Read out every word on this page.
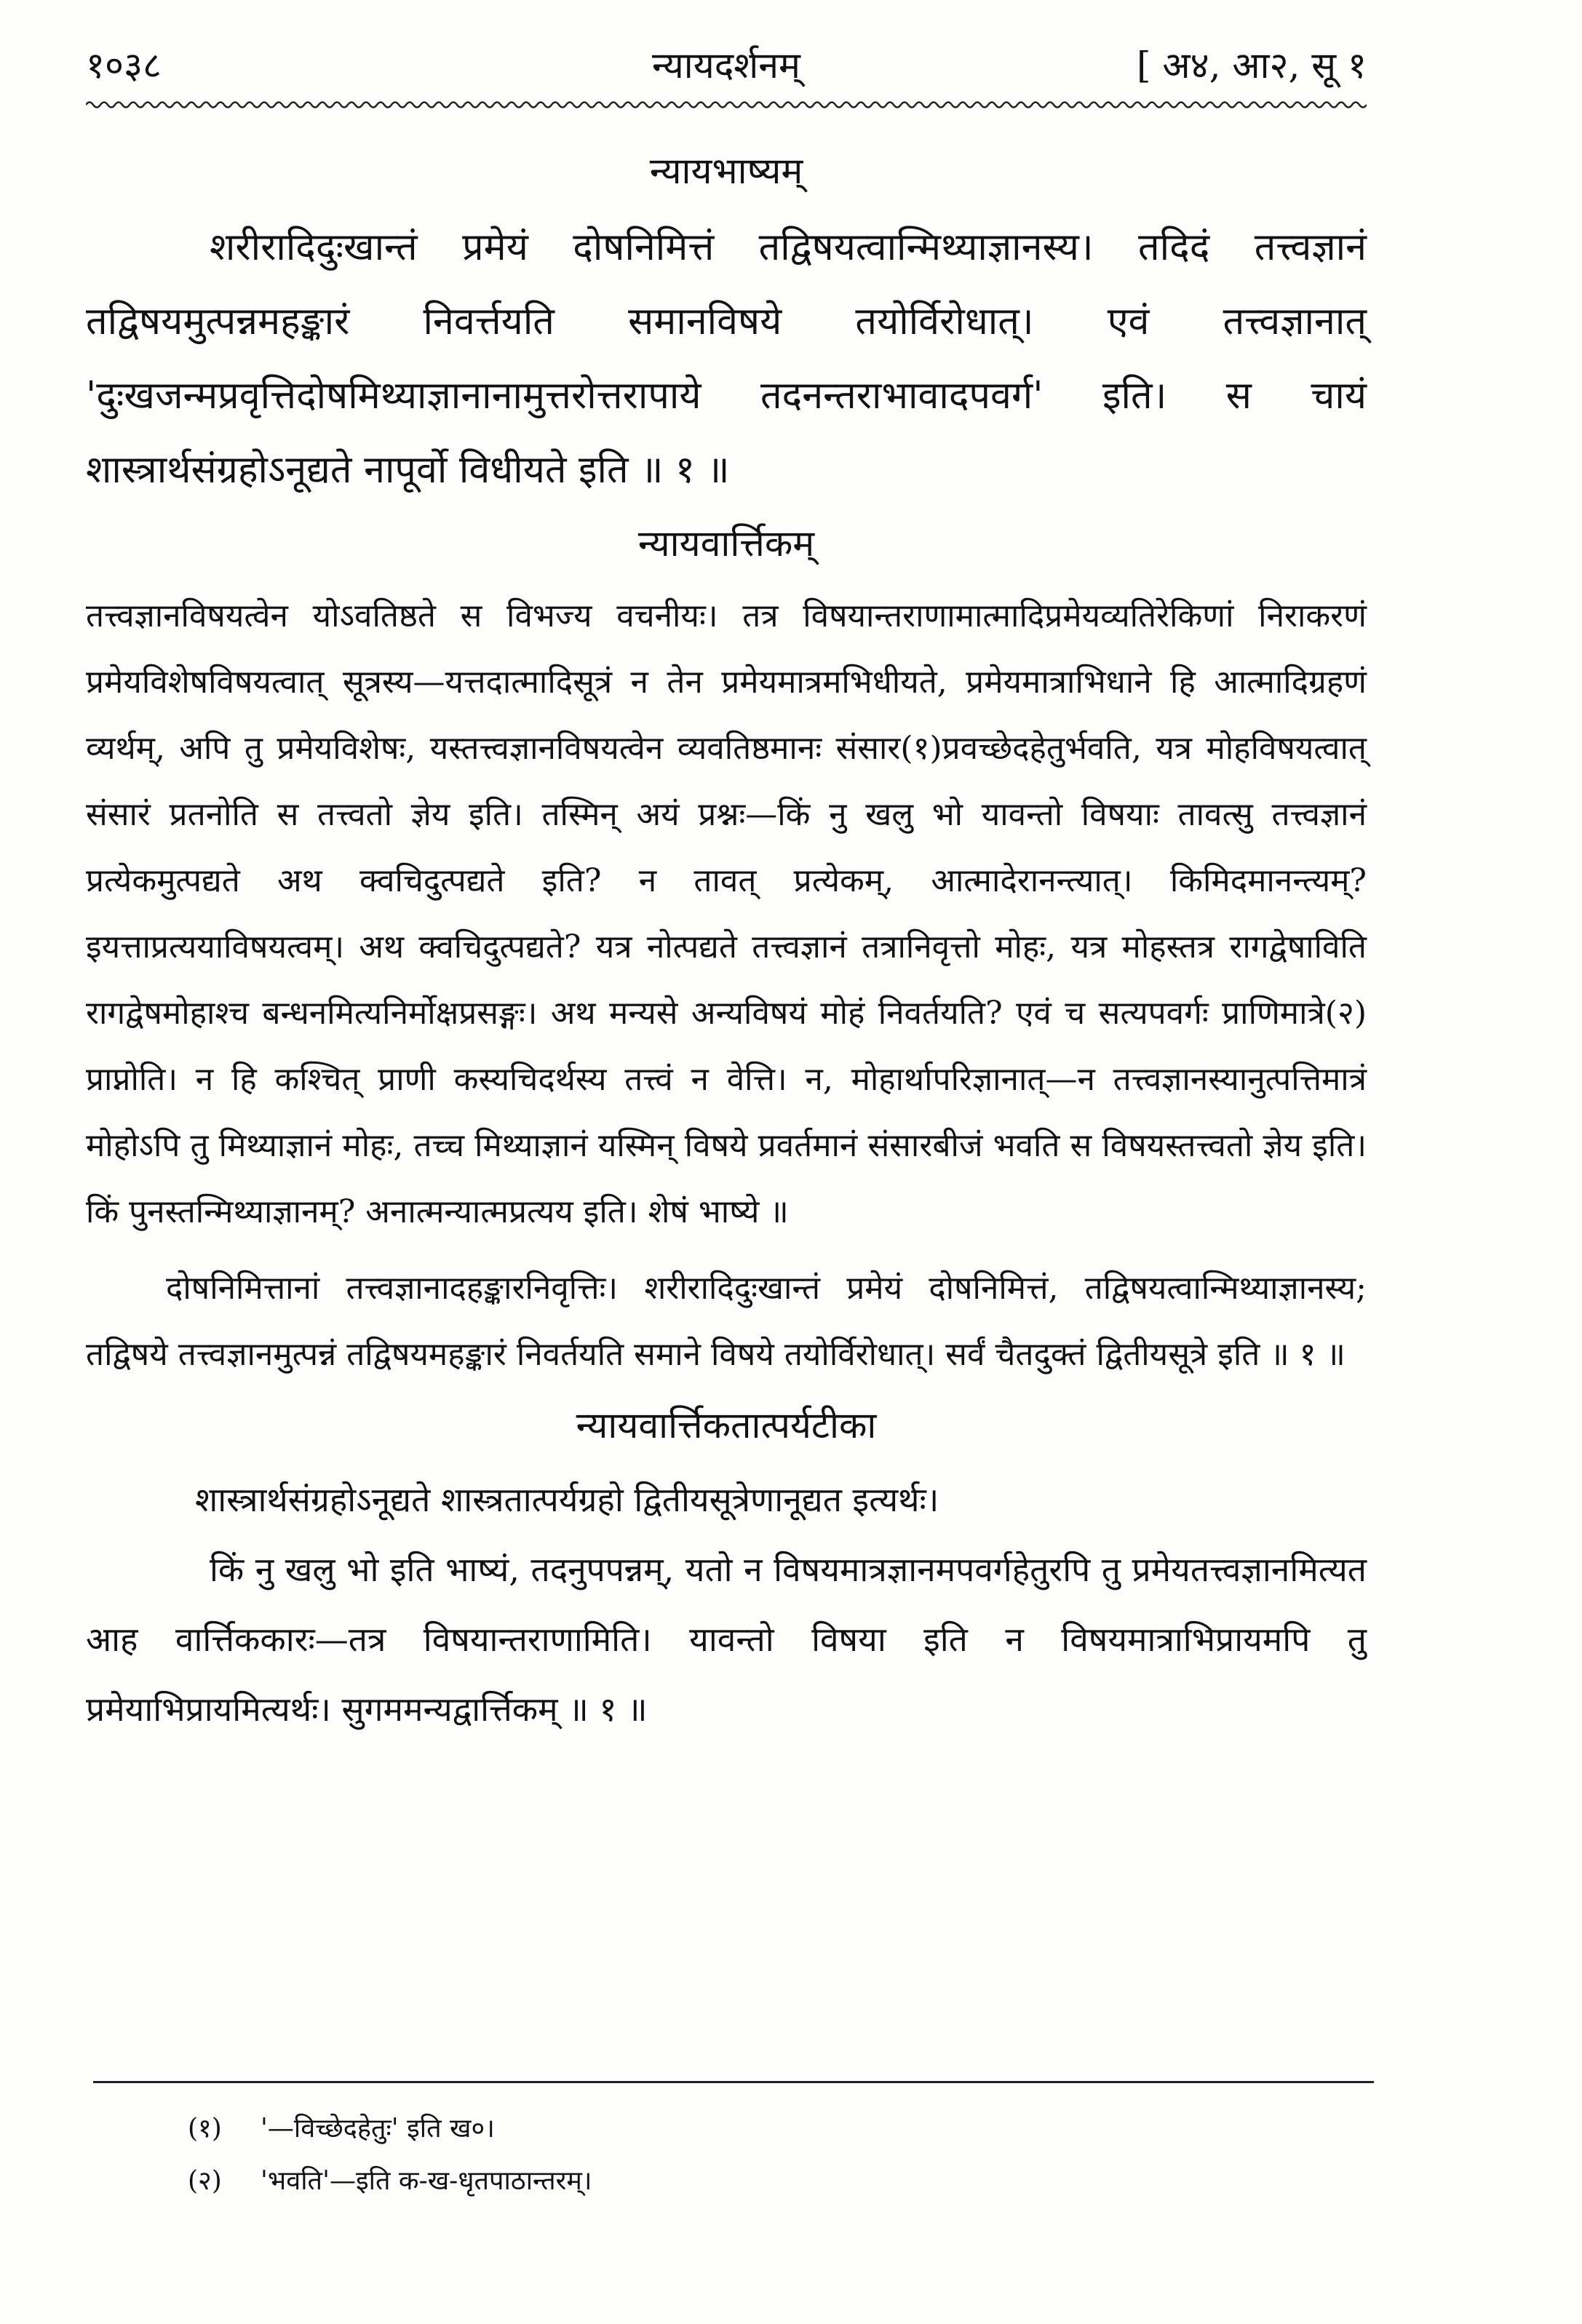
१०३८	न्यायदर्शनम्	[ अ४, आ२, सू १
न्यायभाष्यम्

शरीरादिदुःखान्तं प्रमेयं दोषनिमित्तं तद्विषयत्वान्मिथ्याज्ञानस्य। तदिदं तत्त्वज्ञानं तद्विषयमुत्पन्नमहङ्कारं निवर्त्तयति समानविषये तयोर्विरोधात्। एवं तत्त्वज्ञानात् 'दुःखजन्मप्रवृत्तिदोषमिथ्याज्ञानानामुत्तरोत्तरापाये तदनन्तराभावादपवर्ग' इति। स चायं शास्त्रार्थसंग्रहोऽनूद्यते नापूर्वो विधीयते इति ॥ १ ॥

न्यायवार्त्तिकम्

तत्त्वज्ञानविषयत्वेन योऽवतिष्ठते स विभज्य वचनीयः। तत्र विषयान्तराणामात्मादिप्रमेयव्यतिरेकिणां निराकरणं प्रमेयविशेषविषयत्वात् सूत्रस्य—यत्तदात्मादिसूत्रं न तेन प्रमेयमात्रमभिधीयते, प्रमेयमात्राभिधाने हि आत्मादिग्रहणं व्यर्थम्, अपि तु प्रमेयविशेषः, यस्तत्त्वज्ञानविषयत्वेन व्यवतिष्ठमानः संसार(१)प्रवच्छेदहेतुर्भवति, यत्र मोहविषयत्वात् संसारं प्रतनोति स तत्त्वतो ज्ञेय इति। तस्मिन् अयं प्रश्नः—किं नु खलु भो यावन्तो विषयाः तावत्सु तत्त्वज्ञानं प्रत्येकमुत्पद्यते अथ क्वचिदुत्पद्यते इति? न तावत् प्रत्येकम्, आत्मादेरानन्त्यात्। किमिदमानन्त्यम्? इयत्ताप्रत्ययाविषयत्वम्। अथ क्वचिदुत्पद्यते? यत्र नोत्पद्यते तत्त्वज्ञानं तत्रानिवृत्तो मोहः, यत्र मोहस्तत्र रागद्वेषाविति रागद्वेषमोहाश्च बन्धनमित्यनिर्मोक्षप्रसङ्गः। अथ मन्यसे अन्यविषयं मोहं निवर्तयति? एवं च सत्यपवर्गः प्राणिमात्रे(२) प्राप्नोति। न हि कश्चित् प्राणी कस्यचिदर्थस्य तत्त्वं न वेत्ति। न, मोहार्थापरिज्ञानात्—न तत्त्वज्ञानस्यानुत्पत्तिमात्रं मोहोऽपि तु मिथ्याज्ञानं मोहः, तच्च मिथ्याज्ञानं यस्मिन् विषये प्रवर्तमानं संसारबीजं भवति स विषयस्तत्त्वतो ज्ञेय इति। किं पुनस्तन्मिथ्याज्ञानम्? अनात्मन्यात्मप्रत्यय इति। शेषं भाष्ये ॥

दोषनिमित्तानां तत्त्वज्ञानादहङ्कारनिवृत्तिः। शरीरादिदुःखान्तं प्रमेयं दोषनिमित्तं, तद्विषयत्वान्मिथ्याज्ञानस्य; तद्विषये तत्त्वज्ञानमुत्पन्नं तद्विषयमहङ्कारं निवर्तयति समाने विषये तयोर्विरोधात्। सर्वं चैतदुक्तं द्वितीयसूत्रे इति ॥ १ ॥

न्यायवार्त्तिकतात्पर्यटीका

शास्त्रार्थसंग्रहोऽनूद्यते शास्त्रतात्पर्यग्रहो द्वितीयसूत्रेणानूद्यत इत्यर्थः।

किं नु खलु भो इति भाष्यं, तदनुपपन्नम्, यतो न विषयमात्रज्ञानमपवर्गहेतुरपि तु प्रमेयतत्त्वज्ञानमित्यत आह वार्त्तिककारः—तत्र विषयान्तराणामिति। यावन्तो विषया इति न विषयमात्राभिप्रायमपि तु प्रमेयाभिप्रायमित्यर्थः। सुगममन्यद्वार्त्तिकम् ॥ १ ॥

(१) '—विच्छेदहेतुः' इति ख०।
(२) 'भवति'—इति क-ख-धृतपाठान्तरम्।
